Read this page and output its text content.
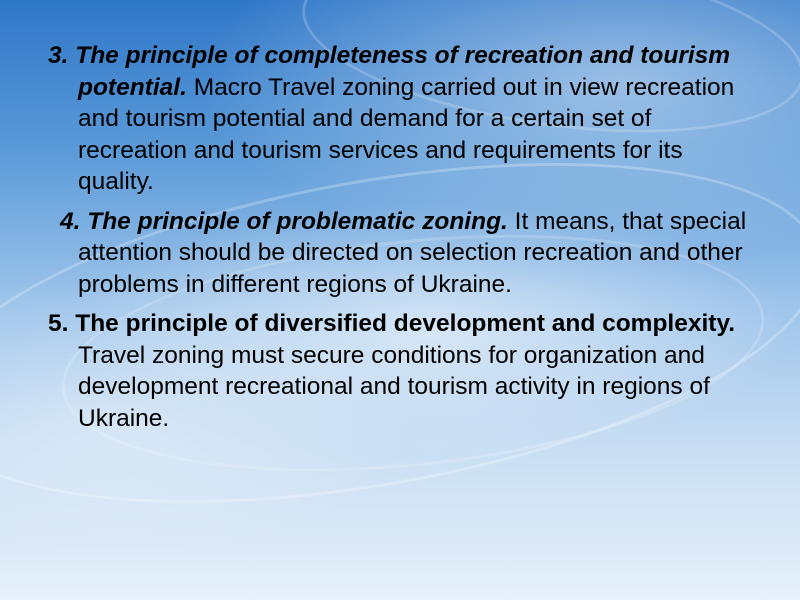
3. The principle of completeness of recreation and tourism potential. Macro Travel zoning carried out in view recreation and tourism potential and demand for a certain set of recreation and tourism services and requirements for its quality.

4. The principle of problematic zoning. It means, that special attention should be directed on selection recreation and other problems in different regions of Ukraine.

5. The principle of diversified development and complexity. Travel zoning must secure conditions for organization and development recreational and tourism activity in regions of Ukraine.
